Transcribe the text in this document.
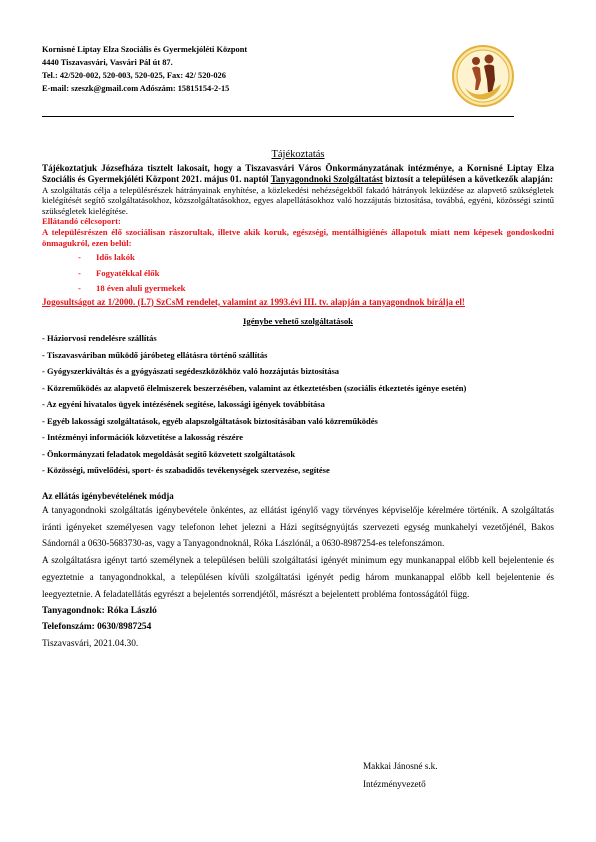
Kornisné Liptay Elza Szociális és Gyermekjóléti Központ
4440 Tiszavasvári, Vasvári Pál út 87.
Tel.: 42/520-002, 520-003, 520-025, Fax: 42/ 520-026
E-mail: szeszk@gmail.com Adószám: 15815154-2-15
Tájékoztatás

Tájékoztatjuk Józsefháza tisztelt lakosait, hogy a Tiszavasvári Város Önkormányzatának intézménye, a Kornisné Liptay Elza Szociális és Gyermekjóléti Központ 2021. május 01. naptól Tanyagondnoki Szolgáltatást biztosít a településen a következők alapján:

A szolgáltatás célja a településrészek hátrányainak enyhítése, a közlekedési nehézségekből fakadó hátrányok leküzdése az alapvető szükségletek kielégítését segítő szolgáltatásokhoz, közszolgáltatásokhoz, egyes alapellátásokhoz való hozzájutás biztosítása, továbbá, egyéni, közösségi szintű szükségletek kielégítése.

Ellátandó célcsoport:
A településrészen élő szociálisan rászorultak, illetve akik koruk, egészségi, mentálhigiénés állapotuk miatt nem képesek gondoskodni önmagukról, ezen belül:
- Idős lakók
- Fogyatékkal élők
- 18 éven aluli gyermekek
Jogosultságot az 1/2000. (I.7) SzCsM rendelet, valamint az 1993.évi III. tv. alapján a tanyagondnok bírálja el!
Igénybe vehető szolgáltatások
- Háziorvosi rendelésre szállítás
- Tiszavasváriban működő járóbeteg ellátásra történő szállítás
- Gyógyszerkiváltás és a gyógyászati segédeszközökhöz való hozzájutás biztosítása
- Közreműködés az alapvető élelmiszerek beszerzésében, valamint az étkeztetésben (szociális étkeztetés igénye esetén)
- Az egyéni hivatalos ügyek intézésének segítése, lakossági igények továbbítása
- Egyéb lakossági szolgáltatások, egyéb alapszolgáltatások biztosításában való közreműködés
- Intézményi információk közvetítése a lakosság részére
- Önkormányzati feladatok megoldását segítő közvetett szolgáltatások
- Közösségi, művelődési, sport- és szabadidős tevékenységek szervezése, segítése
Az ellátás igénybevételének módja

A tanyagondnoki szolgáltatás igénybevétele önkéntes, az ellátást igénylő vagy törvényes képviselője kérelmére történik. A szolgáltatás iránti igényeket személyesen vagy telefonon lehet jelezni a Házi segítségnyújtás szervezeti egység munkahelyi vezetőjénél, Bakos Sándornál a 0630-5683730-as, vagy a Tanyagondnoknál, Róka Lászlónál, a 0630-8987254-es telefonszámon.

A szolgáltatásra igényt tartó személynek a településen belüli szolgáltatási igényét minimum egy munkanappal előbb kell bejelentenie és egyeztetnie a tanyagondnokkal, a településen kívüli szolgáltatási igényét pedig három munkanappal előbb kell bejelentenie és leegyeztetnie. A feladatellátás egyrészt a bejelentés sorrendjétől, másrészt a bejelentett probléma fontosságától függ.

Tanyagondnok: Róka László
Telefonszám: 0630/8987254
Tiszavasvári, 2021.04.30.
Makkai Jánosné s.k.
Intézményvezető
